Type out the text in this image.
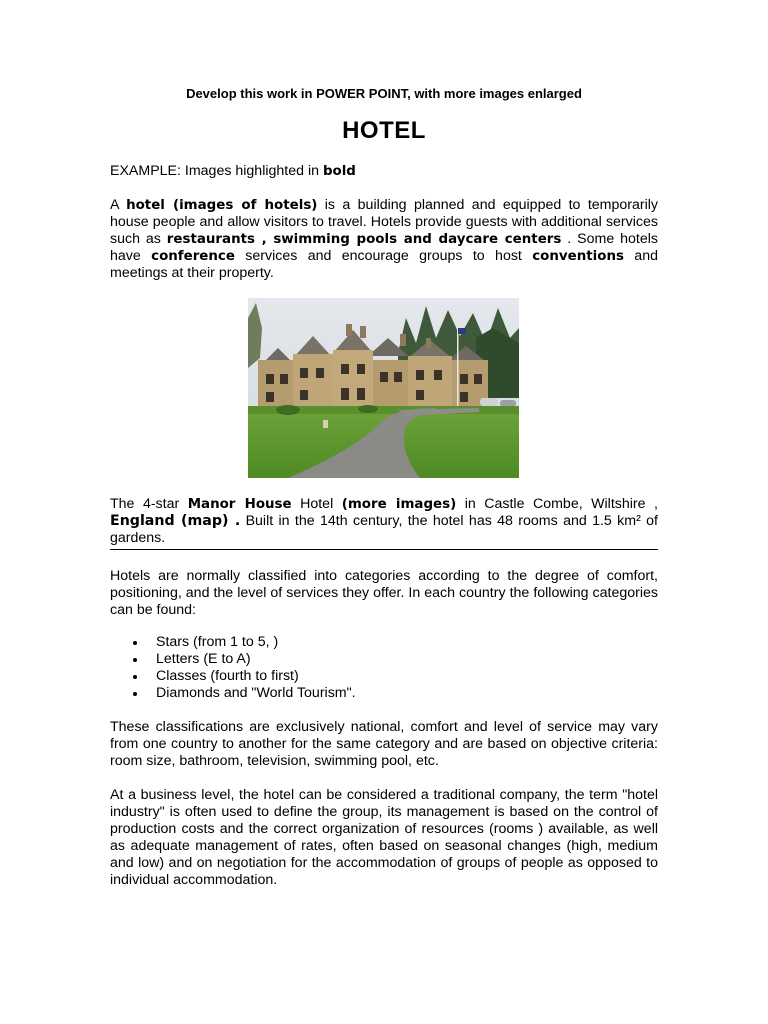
Develop this work in POWER POINT, with more images enlarged

HOTEL

EXAMPLE: Images highlighted in bold

A hotel (images of hotels) is a building planned and equipped to temporarily house people and allow visitors to travel. Hotels provide guests with additional services such as restaurants , swimming pools and daycare centers . Some hotels have conference services and encourage groups to host conventions and meetings at their property.

The 4-star Manor House Hotel (more images) in Castle Combe, Wiltshire , England (map) . Built in the 14th century, the hotel has 48 rooms and 1.5 km² of gardens.

Hotels are normally classified into categories according to the degree of comfort, positioning, and the level of services they offer. In each country the following categories can be found:

Stars (from 1 to 5, )
Letters (E to A)
Classes (fourth to first)
Diamonds and "World Tourism".

These classifications are exclusively national, comfort and level of service may vary from one country to another for the same category and are based on objective criteria: room size, bathroom, television, swimming pool, etc.

At a business level, the hotel can be considered a traditional company, the term "hotel industry" is often used to define the group, its management is based on the control of production costs and the correct organization of resources (rooms ) available, as well as adequate management of rates, often based on seasonal changes (high, medium and low) and on negotiation for the accommodation of groups of people as opposed to individual accommodation.
